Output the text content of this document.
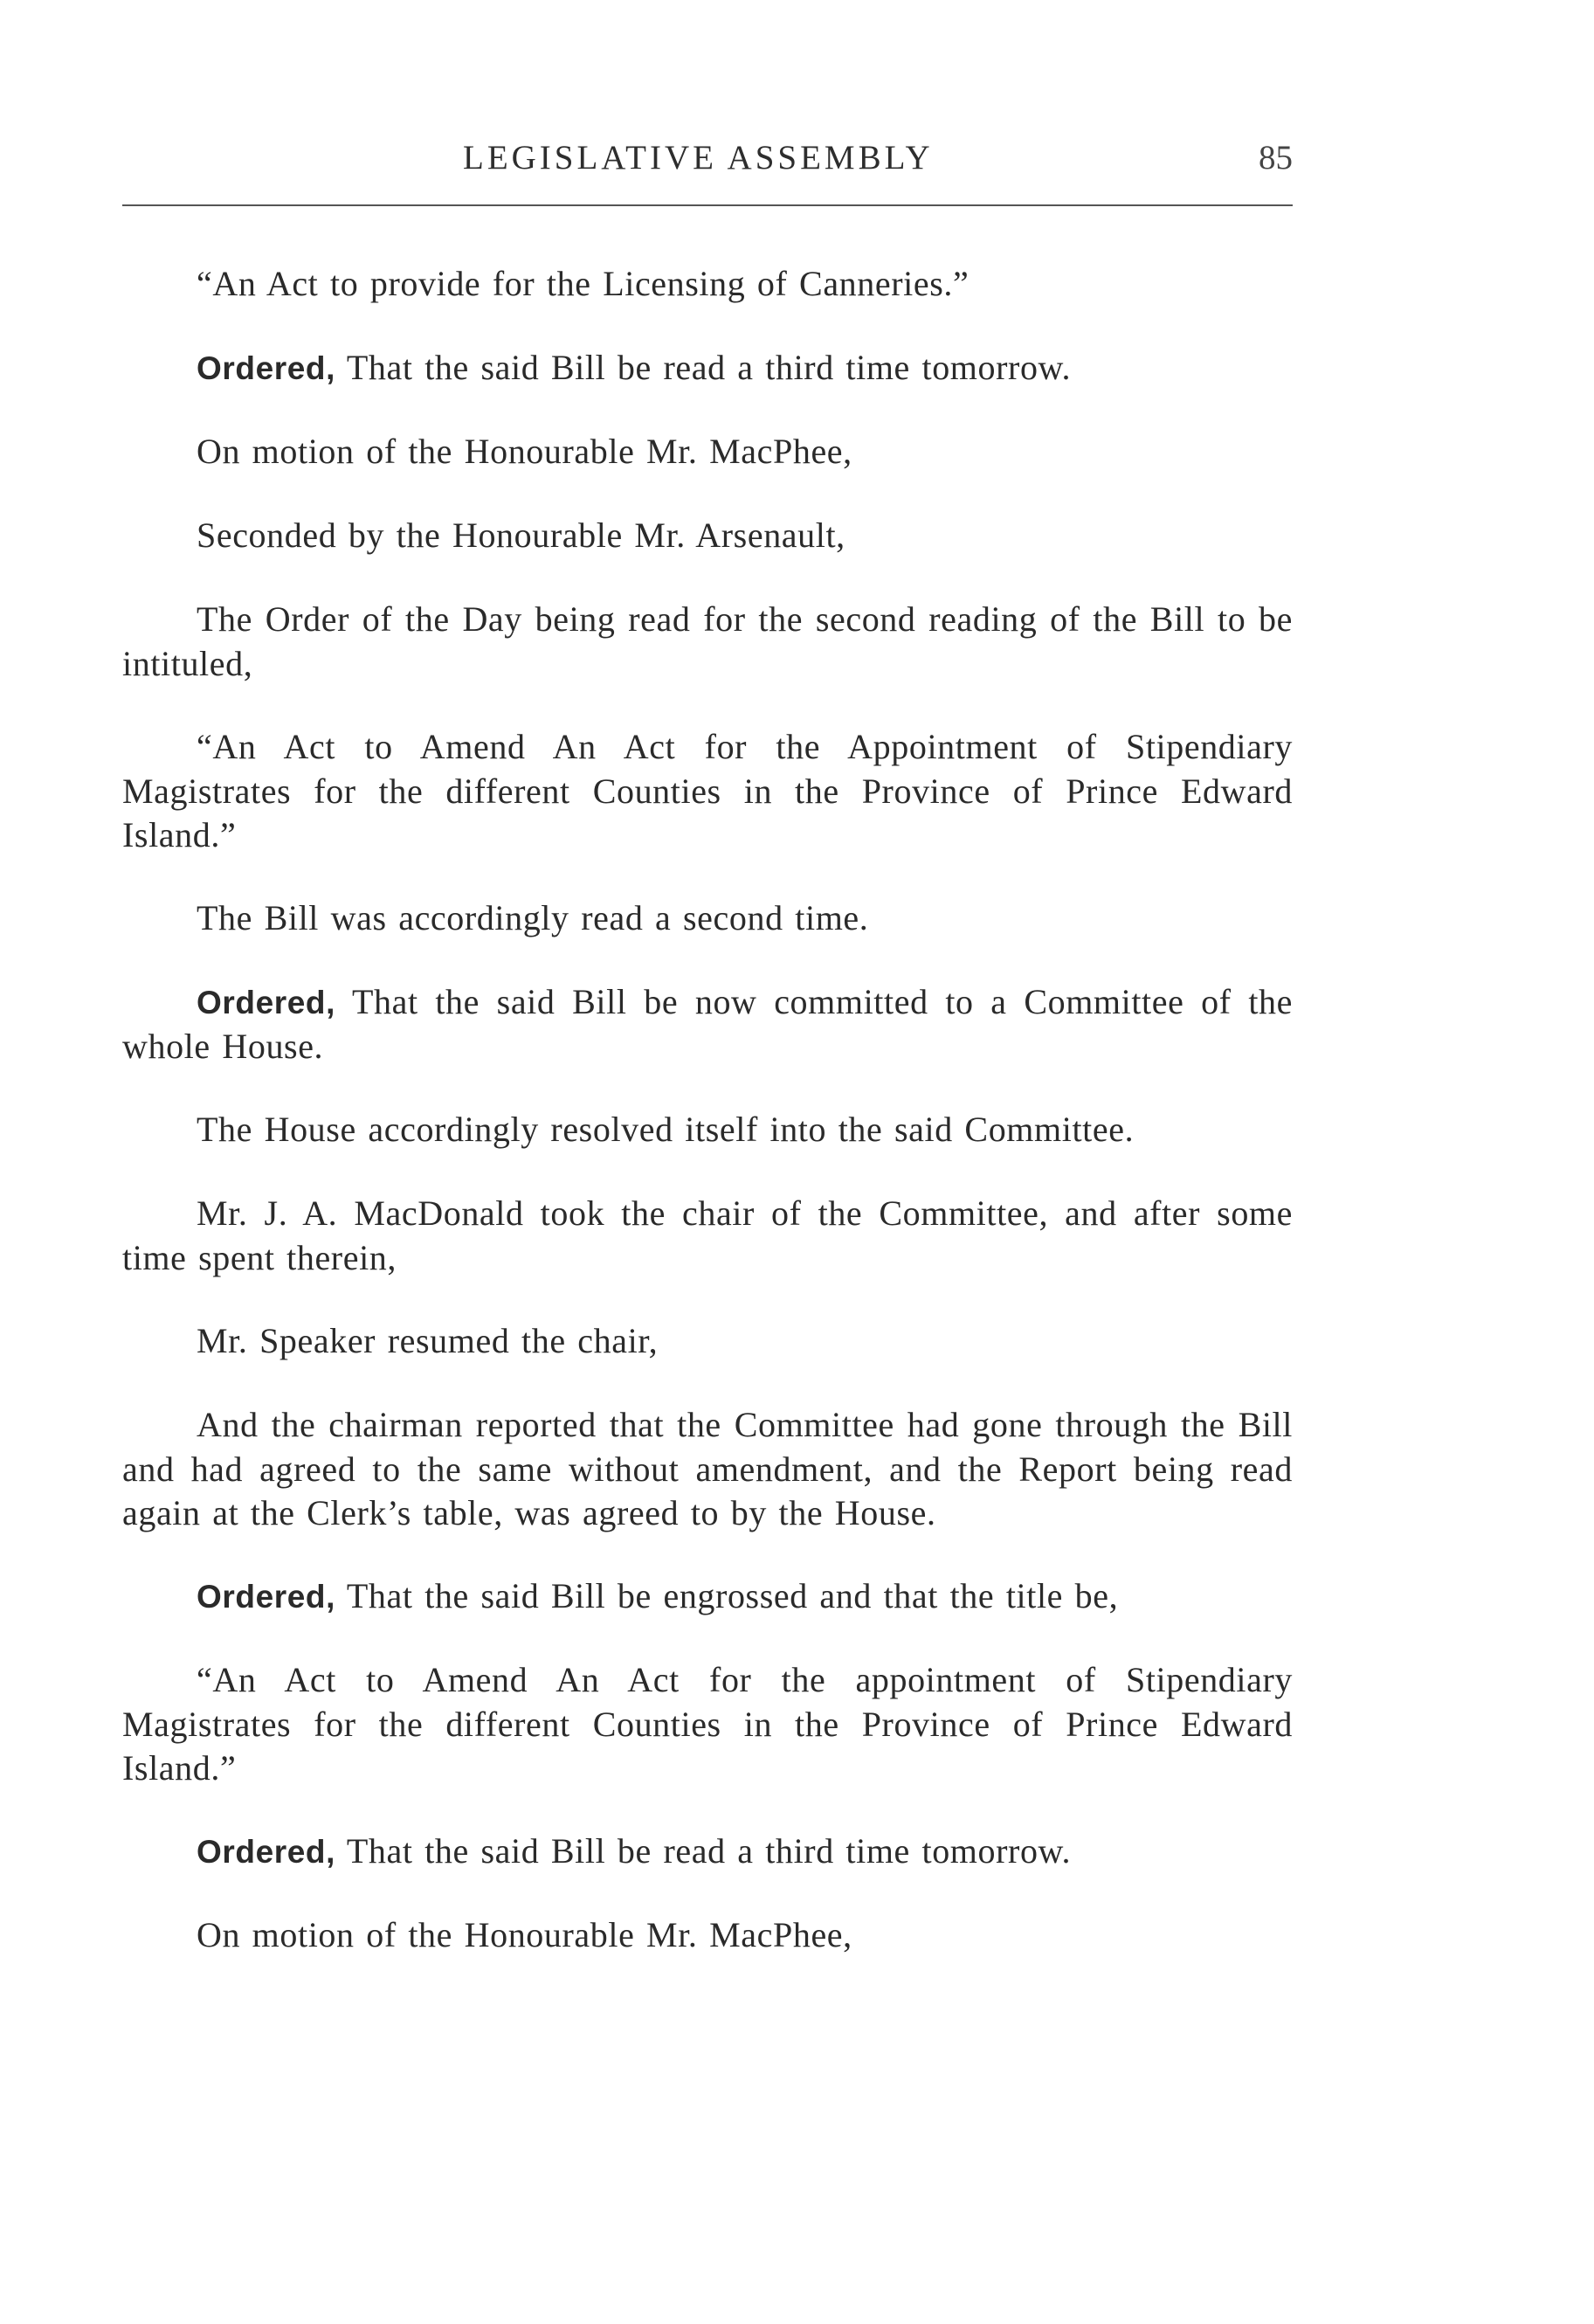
LEGISLATIVE ASSEMBLY	85

“An Act to provide for the Licensing of Canneries.”

Ordered, That the said Bill be read a third time tomorrow.

On motion of the Honourable Mr. MacPhee,

Seconded by the Honourable Mr. Arsenault,

The Order of the Day being read for the second reading of the Bill to be intituled,

“An Act to Amend An Act for the Appointment of Stipendiary Magistrates for the different Counties in the Province of Prince Edward Island.”

The Bill was accordingly read a second time.

Ordered, That the said Bill be now committed to a Committee of the whole House.

The House accordingly resolved itself into the said Committee.

Mr. J. A. MacDonald took the chair of the Committee, and after some time spent therein,

Mr. Speaker resumed the chair,

And the chairman reported that the Committee had gone through the Bill and had agreed to the same without amendment, and the Report being read again at the Clerk’s table, was agreed to by the House.

Ordered, That the said Bill be engrossed and that the title be,

“An Act to Amend An Act for the appointment of Stipendiary Magistrates for the different Counties in the Province of Prince Edward Island.”

Ordered, That the said Bill be read a third time tomorrow.

On motion of the Honourable Mr. MacPhee,
